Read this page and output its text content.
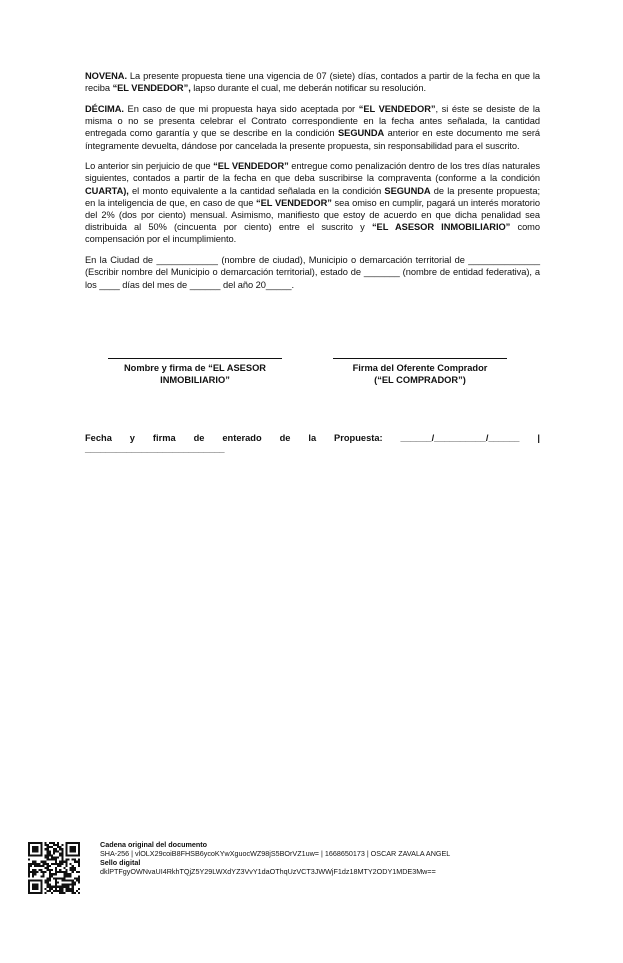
NOVENA. La presente propuesta tiene una vigencia de 07 (siete) días, contados a partir de la fecha en que la reciba “EL VENDEDOR”, lapso durante el cual, me deberán notificar su resolución.

DÉCIMA. En caso de que mi propuesta haya sido aceptada por “EL VENDEDOR”, si éste se desiste de la misma o no se presenta celebrar el Contrato correspondiente en la fecha antes señalada, la cantidad entregada como garantía y que se describe en la condición SEGUNDA anterior en este documento me será íntegramente devuelta, dándose por cancelada la presente propuesta, sin responsabilidad para el suscrito.

Lo anterior sin perjuicio de que “EL VENDEDOR” entregue como penalización dentro de los tres días naturales siguientes, contados a partir de la fecha en que deba suscribirse la compraventa (conforme a la condición CUARTA), el monto equivalente a la cantidad señalada en la condición SEGUNDA de la presente propuesta; en la inteligencia de que, en caso de que “EL VENDEDOR” sea omiso en cumplir, pagará un interés moratorio del 2% (dos por ciento) mensual. Asimismo, manifiesto que estoy de acuerdo en que dicha penalidad sea distribuida al 50% (cincuenta por ciento) entre el suscrito y “EL ASESOR INMOBILIARIO” como compensación por el incumplimiento.

En la Ciudad de ____________ (nombre de ciudad), Municipio o demarcación territorial de ______________ (Escribir nombre del Municipio o demarcación territorial), estado de _______ (nombre de entidad federativa), a los ____ días del mes de ______ del año 20_____.

Nombre y firma de “EL ASESOR
INMOBILIARIO”
Firma del Oferente Comprador
(“EL COMPRADOR”)
Fecha y firma de enterado de la Propuesta: ______/__________/______ |
___________________________
Cadena original del documento
SHA-256 | vlOLX29coiB8FHSB6ycoKYwXguocWZ98jS5BOrVZ1uw= | 1668650173 | OSCAR ZAVALA ANGEL
Sello digital
dklPTFgyOWNvaUI4RkhTQjZ5Y29LWXdYZ3VvY1daOThqUzVCT3JWWjF1dz18MTY2ODY1MDE3Mw==
